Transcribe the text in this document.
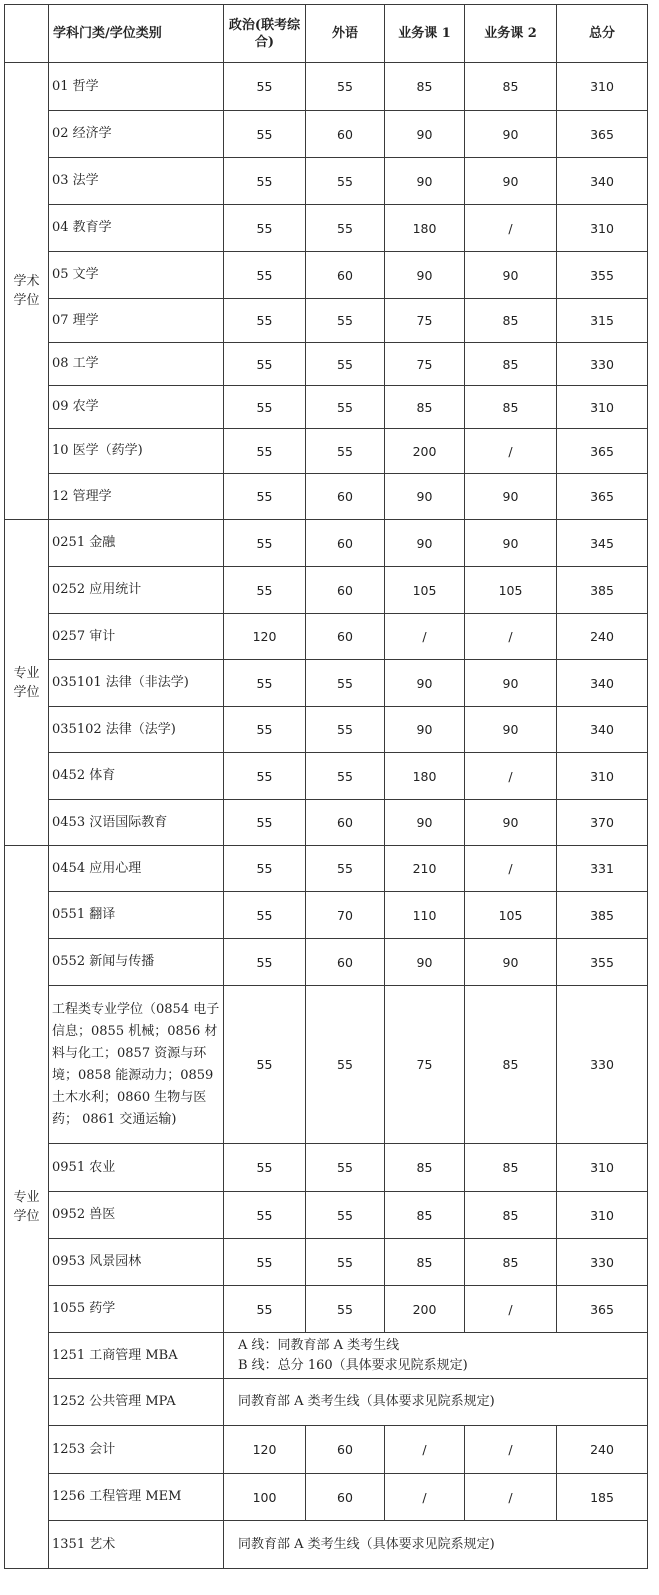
	学科门类/学位类别	政治(联考综合)	外语	业务课 1	业务课 2	总分
学术学位	01 哲学	55	55	85	85	310
	02 经济学	55	60	90	90	365
	03 法学	55	55	90	90	340
	04 教育学	55	55	180	/	310
	05 文学	55	60	90	90	355
	07 理学	55	55	75	85	315
	08 工学	55	55	75	85	330
	09 农学	55	55	85	85	310
	10 医学（药学)	55	55	200	/	365
	12 管理学	55	60	90	90	365
专业学位	0251 金融	55	60	90	90	345
	0252 应用统计	55	60	105	105	385
	0257 审计	120	60	/	/	240
	035101 法律（非法学)	55	55	90	90	340
	035102 法律（法学)	55	55	90	90	340
	0452 体育	55	55	180	/	310
	0453 汉语国际教育	55	60	90	90	370
专业学位	0454 应用心理	55	55	210	/	331
	0551 翻译	55	70	110	105	385
	0552 新闻与传播	55	60	90	90	355
	工程类专业学位（0854 电子信息；0855 机械；0856 材料与化工；0857 资源与环境；0858 能源动力；0859 土木水利；0860 生物与医药； 0861 交通运输)	55	55	75	85	330
	0951 农业	55	55	85	85	310
	0952 兽医	55	55	85	85	310
	0953 风景园林	55	55	85	85	330
	1055 药学	55	55	200	/	365
	1251 工商管理 MBA	A 线：同教育部 A 类考生线
B 线：总分 160（具体要求见院系规定)				

	1252 公共管理 MPA	同教育部 A 类考生线（具体要求见院系规定)				

	1253 会计	120	60	/	/	240
	1256 工程管理 MEM	100	60	/	/	185
	1351 艺术	同教育部 A 类考生线（具体要求见院系规定)				
